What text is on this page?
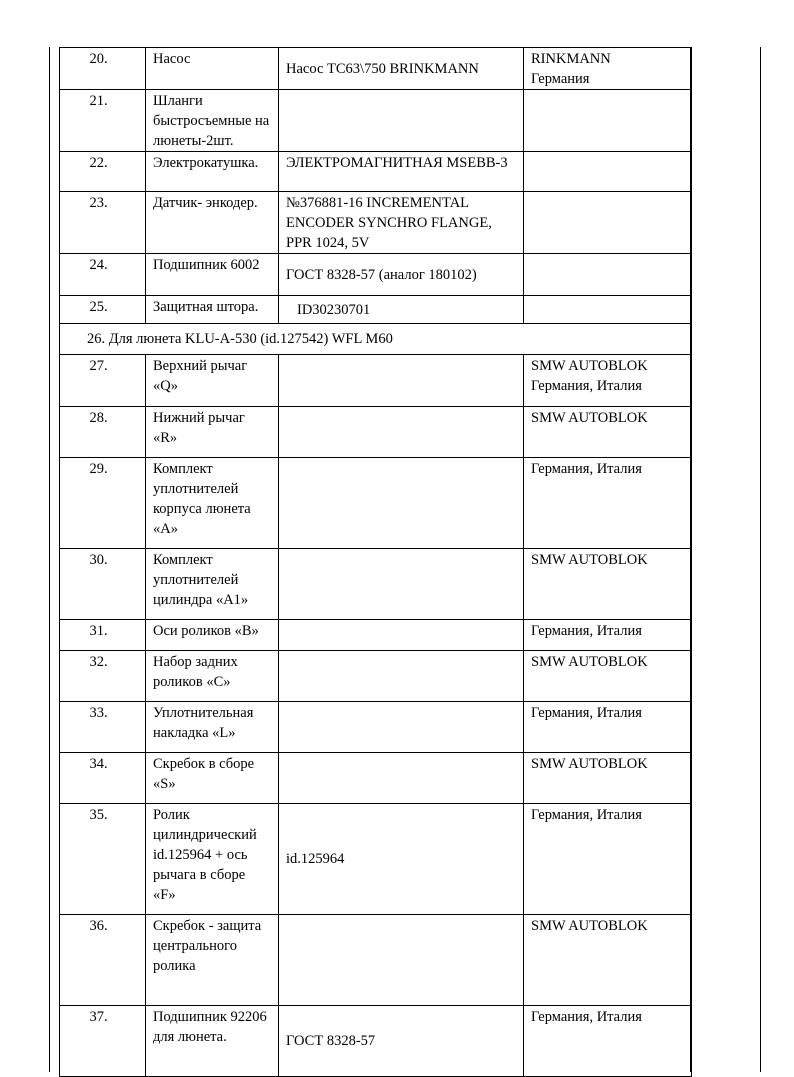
20.	Насос	Насос ТС63\750 BRINKMANN	RINKMANN
Германия
21.	Шланги быстросъемные на люнеты-2шт.		
22.	Электрокатушка.	ЭЛЕКТРОМАГНИТНАЯ MSEBB-3	
23.	Датчик- энкодер.	№376881-16 INCREMENTAL ENCODER SYNCHRO FLANGE, PPR 1024, 5V	
24.	Подшипник 6002	ГОСТ 8328-57 (аналог 180102)	
25.	Защитная штора.	ID30230701	
26. Для люнета KLU-A-530 (id.127542) WFL M60			
27.	Верхний рычаг «Q»		SMW AUTOBLOK
Германия, Италия
28.	Нижний рычаг «R»		SMW AUTOBLOK
29.	Комплект уплотнителей корпуса люнета «А»		Германия, Италия
30.	Комплект уплотнителей цилиндра «А1»		SMW AUTOBLOK
31.	Оси роликов «В»		Германия, Италия
32.	Набор задних роликов «С»		SMW AUTOBLOK
33.	Уплотнительная накладка «L»		Германия, Италия
34.	Скребок в сборе «S»		SMW AUTOBLOK
35.	Ролик цилиндрический id.125964 + ось рычага в сборе «F»	id.125964	Германия, Италия
36.	Скребок - защита центрального ролика		SMW AUTOBLOK
37.	Подшипник 92206 для люнета.	ГОСТ 8328-57	Германия, Италия
